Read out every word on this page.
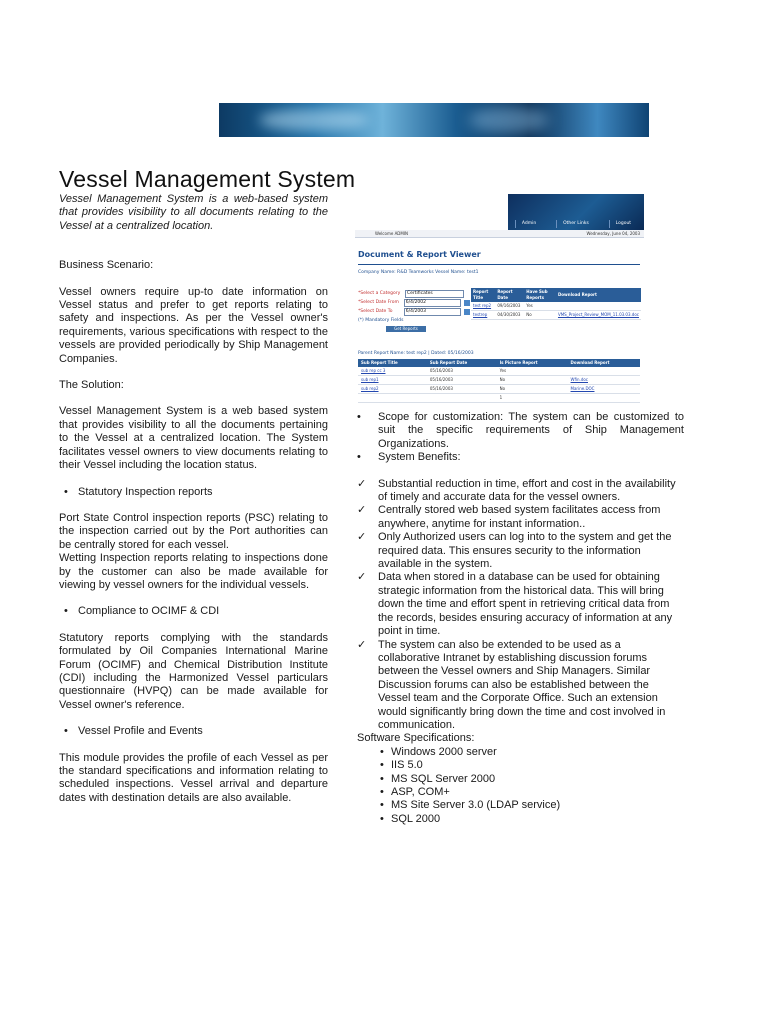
Vessel Management System

Vessel Management System is a web-based system that provides visibility to all documents relating to the Vessel at a centralized location.

Business Scenario:

Vessel owners require up-to date information on Vessel status and prefer to get reports relating to safety and inspections. As per the Vessel owner's requirements, various specifications with respect to the vessels are provided periodically by Ship Management Companies.

The Solution:

Vessel Management System is a web based system that provides visibility to all the documents pertaining to the Vessel at a centralized location. The System facilitates vessel owners to view documents relating to their Vessel including the location status.

• Statutory Inspection reports

Port State Control inspection reports (PSC) relating to the inspection carried out by the Port authorities can be centrally stored for each vessel.

Wetting Inspection reports relating to inspections done by the customer can also be made available for viewing by vessel owners for the individual vessels.

• Compliance to OCIMF & CDI

Statutory reports complying with the standards formulated by Oil Companies International Marine Forum (OCIMF) and Chemical Distribution Institute (CDI) including the Harmonized Vessel particulars questionnaire (HVPQ) can be made available for Vessel owner's reference.

• Vessel Profile and Events

This module provides the profile of each Vessel as per the standard specifications and information relating to scheduled inspections. Vessel arrival and departure dates with destination details are also available.

Admin	Other Links	Logout
Welcome ADMIN	Wednesday, June 04, 2003
Document & Report Viewer
Company Name: R&D Teamworks Vessel Name: test1
*Select a Category	Certificates
*Select Date From	6/4/2002
*Select Date To	6/4/2003
(*) Mandatory Fields
Get Reports
Report Title	Report Date	Have Sub Reports	Download Report
test rep2	09/16/2003	Yes	
testrep	04/30/2003	No	VMS_Project_Review_MOM_11.03.03.doc
Parent Report Name: test rep2 | Dated: 05/16/2003
Sub Report Title	Sub Report Date	Is Picture Report	Download Report
sub rep cc 3	05/16/2003	Yes	
sub rep1	05/16/2003	No	Wfin.doc
sub rep2	05/16/2003	No	Marine.DOC
		1	
•	Scope for customization: The system can be customized to suit the specific requirements of Ship Management Organizations.
•	System Benefits:
✓	Substantial reduction in time, effort and cost in the availability of timely and accurate data for the vessel owners.
✓	Centrally stored web based system facilitates access from anywhere, anytime for instant information..
✓	Only Authorized users can log into to the system and get the required data. This ensures security to the information available in the system.
✓	Data when stored in a database can be used for obtaining strategic information from the historical data. This will bring down the time and effort spent in retrieving critical data from the records, besides ensuring accuracy of information at any point in time.
✓	The system can also be extended to be used as a collaborative Intranet by establishing discussion forums between the Vessel owners and Ship Managers. Similar Discussion forums can also be established between the Vessel team and the Corporate Office. Such an extension would significantly bring down the time and cost involved in communication.

Software Specifications:

• Windows 2000 server
• IIS 5.0
• MS SQL Server 2000
• ASP, COM+
• MS Site Server 3.0 (LDAP service)
• SQL 2000
